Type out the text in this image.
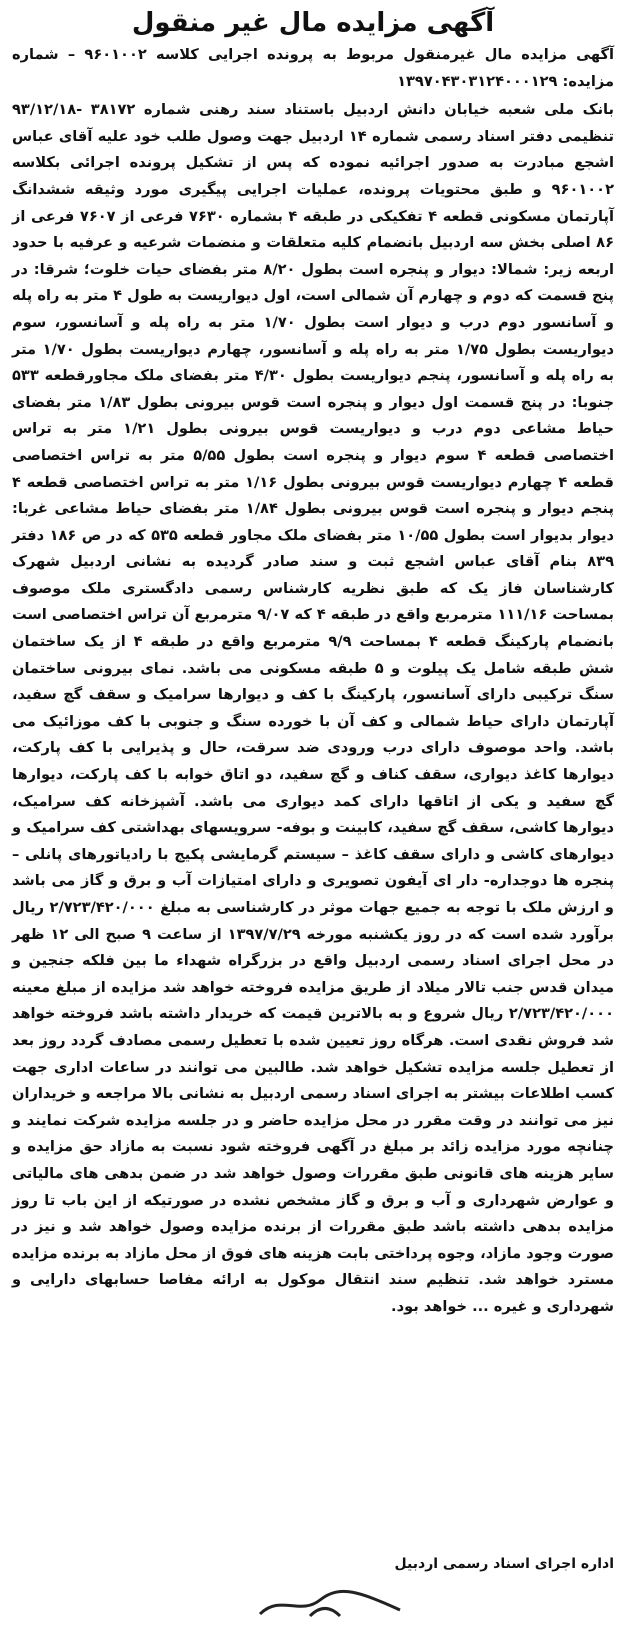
آگهی مزایده مال غیر منقول

آگهی مزایده مال غیرمنقول مربوط به پرونده اجرایی کلاسه ۹۶۰۱۰۰۲ – شماره مزایده: ۱۳۹۷۰۴۳۰۳۱۲۴۰۰۰۱۲۹

بانک ملی شعبه خیابان دانش اردبیل باستناد سند رهنی شماره ۳۸۱۷۲ -۹۳/۱۲/۱۸ تنظیمی دفتر اسناد رسمی شماره ۱۴ اردبیل جهت وصول طلب خود علیه آقای عباس اشجع مبادرت به صدور اجرائیه نموده که پس از تشکیل پرونده اجرائی بکلاسه ۹۶۰۱۰۰۲ و طبق محتویات پرونده، عملیات اجرایی پیگیری مورد وثیقه ششدانگ آپارتمان مسکونی قطعه ۴ تفکیکی در طبقه ۴ بشماره ۷۶۳۰ فرعی از ۷۶۰۷ فرعی از ۸۶ اصلی بخش سه اردبیل بانضمام کلیه متعلقات و منضمات شرعیه و عرفیه با حدود اربعه زیر: شمالا: دیوار و پنجره است بطول ۸/۲۰ متر بفضای حیات خلوت؛ شرقا: در پنج قسمت که دوم و چهارم آن شمالی است، اول دیواریست به طول ۴ متر به راه پله و آسانسور دوم درب و دیوار است بطول ۱/۷۰ متر به راه پله و آسانسور، سوم دیواریست بطول ۱/۷۵ متر به راه پله و آسانسور، چهارم دیواریست بطول ۱/۷۰ متر به راه پله و آسانسور، پنجم دیواریست بطول ۴/۳۰ متر بفضای ملک مجاورقطعه ۵۳۳ جنوبا: در پنج قسمت اول دیوار و پنجره است قوس بیرونی بطول ۱/۸۳ متر بفضای حیاط مشاعی دوم درب و دیواریست قوس بیرونی بطول ۱/۲۱ متر به تراس اختصاصی قطعه ۴ سوم دیوار و پنجره است بطول ۵/۵۵ متر به تراس اختصاصی قطعه ۴ چهارم دیواریست قوس بیرونی بطول ۱/۱۶ متر به تراس اختصاصی قطعه ۴ پنجم دیوار و پنجره است قوس بیرونی بطول ۱/۸۴ متر بفضای حیاط مشاعی غربا: دیوار بدیوار است بطول ۱۰/۵۵ متر بفضای ملک مجاور قطعه ۵۳۵ که در ص ۱۸۶ دفتر ۸۳۹ بنام آقای عباس اشجع ثبت و سند صادر گردیده به نشانی اردبیل شهرک کارشناسان فاز یک که طبق نظریه کارشناس رسمی دادگستری ملک موصوف بمساحت ۱۱۱/۱۶ مترمربع واقع در طبقه ۴ که ۹/۰۷ مترمربع آن تراس اختصاصی است بانضمام پارکینگ قطعه ۴ بمساحت ۹/۹ مترمربع واقع در طبقه ۴ از یک ساختمان شش طبقه شامل یک پیلوت و ۵ طبقه مسکونی می باشد. نمای بیرونی ساختمان سنگ ترکیبی دارای آسانسور، پارکینگ با کف و دیوارها سرامیک و سقف گچ سفید، آپارتمان دارای حیاط شمالی و کف آن با خورده سنگ و جنوبی با کف موزائیک می باشد. واحد موصوف دارای درب ورودی ضد سرقت، حال و پذیرایی با کف پارکت، دیوارها کاغذ دیواری، سقف کناف و گچ سفید، دو اتاق خوابه با کف پارکت، دیوارها گچ سفید و یکی از اتاقها دارای کمد دیواری می باشد. آشپزخانه کف سرامیک، دیوارها کاشی، سقف گچ سفید، کابینت و بوفه- سرویسهای بهداشتی کف سرامیک و دیوارهای کاشی و دارای سقف کاغذ – سیستم گرمایشی پکیج با رادیاتورهای پانلی – پنجره ها دوجداره- دار ای آیفون تصویری و دارای امتیازات آب و برق و گاز می باشد و ارزش ملک با توجه به جمیع جهات موثر در کارشناسی به مبلغ ۲/۷۲۳/۴۲۰/۰۰۰ ریال برآورد شده است که در روز یکشنبه مورخه ۱۳۹۷/۷/۲۹ از ساعت ۹ صبح الی ۱۲ ظهر در محل اجرای اسناد رسمی اردبیل واقع در بزرگراه شهداء ما بین فلکه جنجین و میدان قدس جنب تالار میلاد از طریق مزایده فروخته خواهد شد مزایده از مبلغ معینه ۲/۷۲۳/۴۲۰/۰۰۰ ریال شروع و به بالاترین قیمت که خریدار داشته باشد فروخته خواهد شد فروش نقدی است. هرگاه روز تعیین شده با تعطیل رسمی مصادف گردد روز بعد از تعطیل جلسه مزایده تشکیل خواهد شد. طالبین می توانند در ساعات اداری جهت کسب اطلاعات بیشتر به اجرای اسناد رسمی اردبیل به نشانی بالا مراجعه و خریداران نیز می توانند در وقت مقرر در محل مزایده حاضر و در جلسه مزایده شرکت نمایند و چنانچه مورد مزایده زائد بر مبلغ در آگهی فروخته شود نسبت به مازاد حق مزایده و سایر هزینه های قانونی طبق مقررات وصول خواهد شد در ضمن بدهی های مالیاتی و عوارض شهرداری و آب و برق و گاز مشخص نشده در صورتیکه از این باب تا روز مزایده بدهی داشته باشد طبق مقررات از برنده مزایده وصول خواهد شد و نیز در صورت وجود مازاد، وجوه پرداختی بابت هزینه های فوق از محل مازاد به برنده مزایده مسترد خواهد شد. تنظیم سند انتقال موکول به ارائه مفاصا حسابهای دارایی و شهرداری و غیره ... خواهد بود.

اداره اجرای اسناد رسمی اردبیل
